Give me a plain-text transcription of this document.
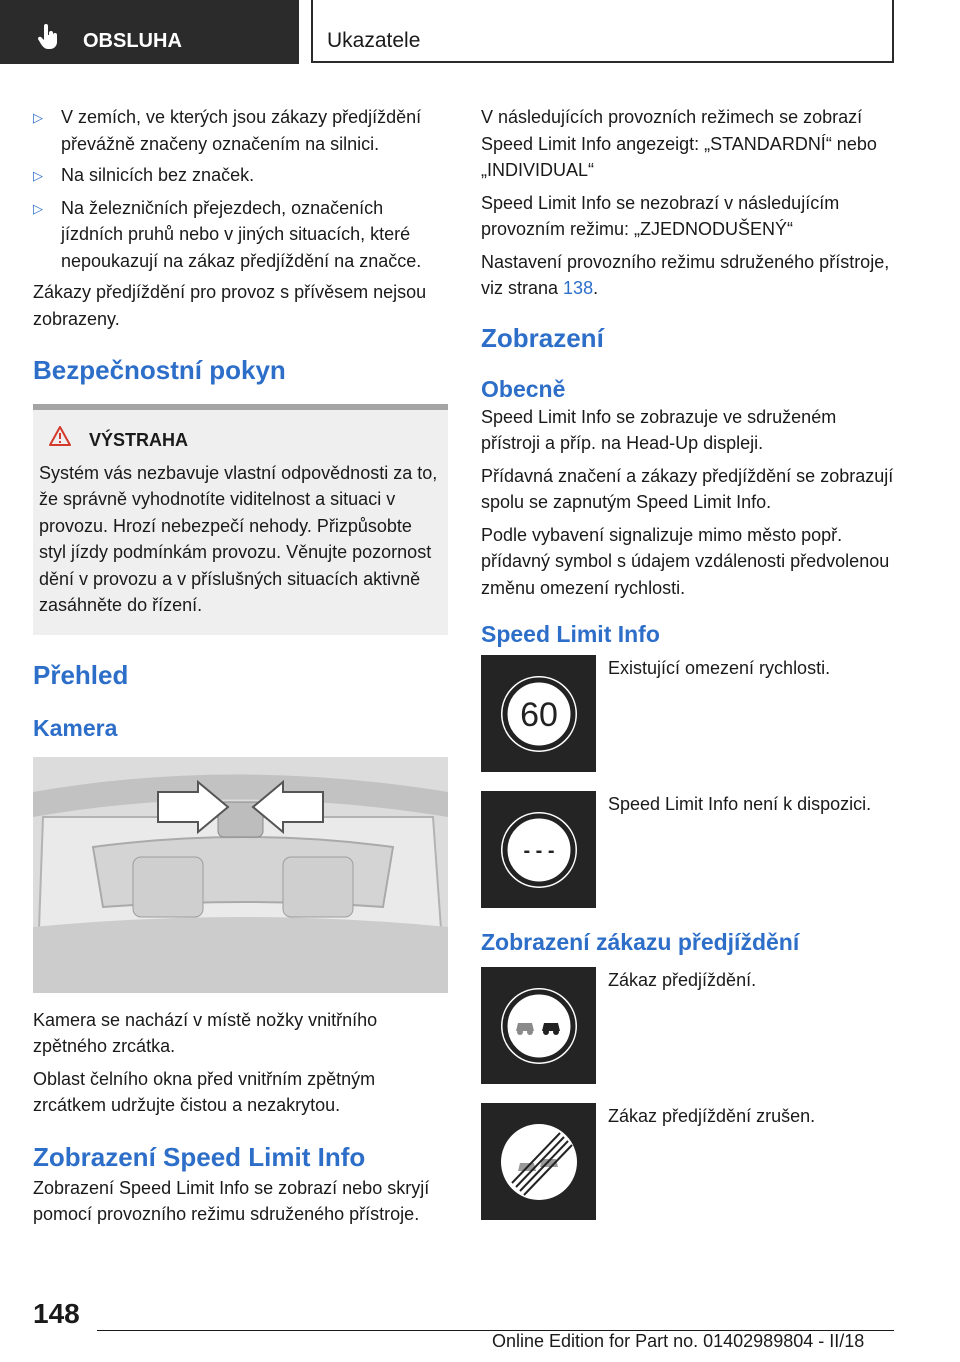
OBSLUHA	Ukazatele
▷	V zemích, ve kterých jsou zákazy předjíždění převážně značeny označením na silnici.
▷	Na silnicích bez značek.
▷	Na železničních přejezdech, označeních jízdních pruhů nebo v jiných situacích, které nepoukazují na zákaz předjíždění na značce.

Zákazy předjíždění pro provoz s přívěsem nejsou zobrazeny.

Bezpečnostní pokyn
VÝSTRAHA
Systém vás nezbavuje vlastní odpovědnosti za to, že správně vyhodnotíte viditelnost a situaci v provozu. Hrozí nebezpečí nehody. Přizpůsobte styl jízdy podmínkám provozu. Věnujte pozornost dění v provozu a v příslušných situacích aktivně zasáhněte do řízení.
Přehled
Kamera

Kamera se nachází v místě nožky vnitřního zpětného zrcátka.

Oblast čelního okna před vnitřním zpětným zrcátkem udržujte čistou a nezakrytou.

Zobrazení Speed Limit Info

Zobrazení Speed Limit Info se zobrazí nebo skryjí pomocí provozního režimu sdruženého přístroje.

V následujících provozních režimech se zobrazí Speed Limit Info angezeigt: „STANDARDNÍ“ nebo „INDIVIDUAL“

Speed Limit Info se nezobrazí v následujícím provozním režimu: „ZJEDNODUŠENÝ“

Nastavení provozního režimu sdruženého přístroje, viz strana 138.

Zobrazení
Obecně

Speed Limit Info se zobrazuje ve sdruženém přístroji a příp. na Head-Up displeji.

Přídavná značení a zákazy předjíždění se zobrazují spolu se zapnutým Speed Limit Info.

Podle vybavení signalizuje mimo město popř. přídavný symbol s údajem vzdálenosti předvolenou změnu omezení rychlosti.

Speed Limit Info
60
Existující omezení rychlosti.
- - -
Speed Limit Info není k dispozici.
Zobrazení zákazu předjíždění
Zákaz předjíždění.
Zákaz předjíždění zrušen.
148
Online Edition for Part no. 01402989804 - II/18
